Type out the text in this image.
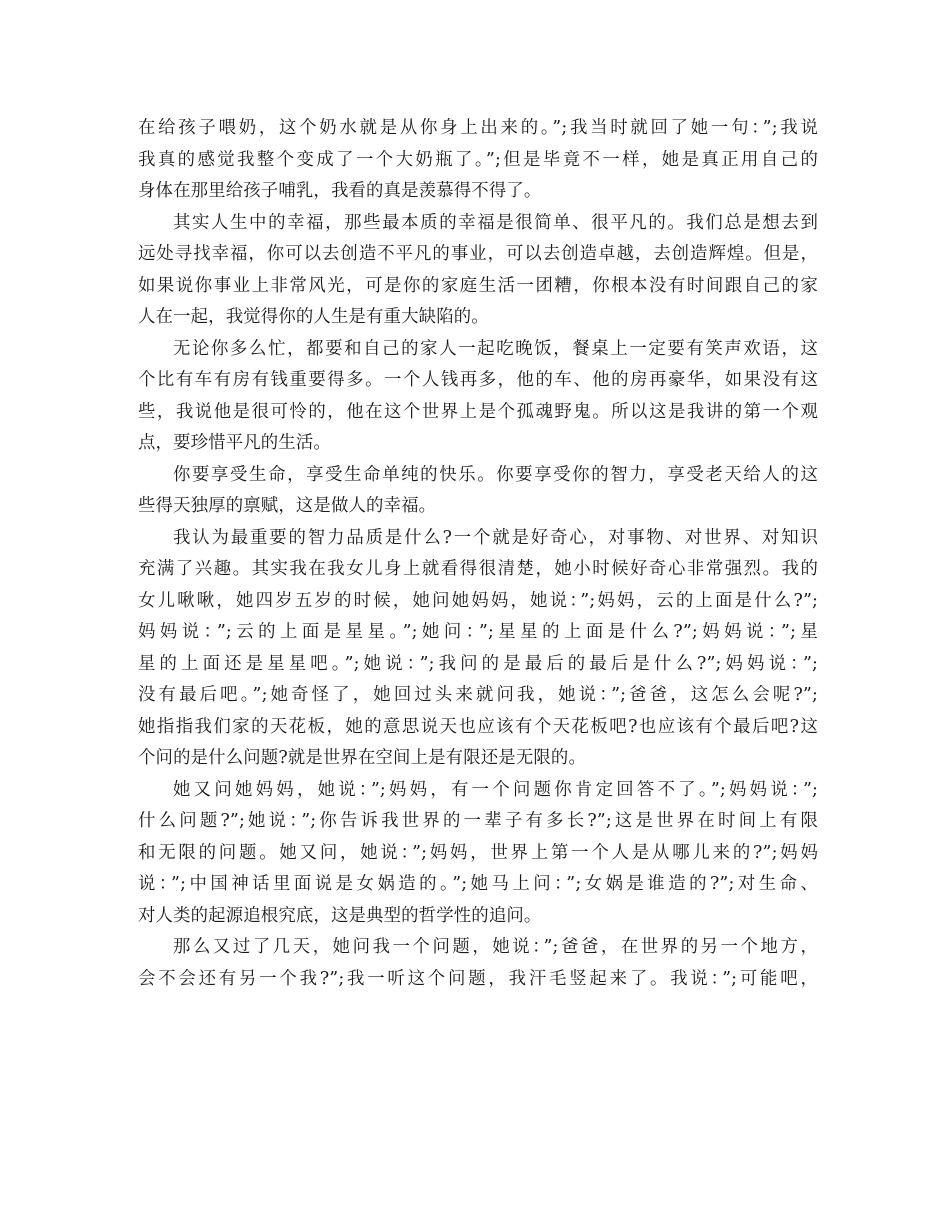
在给孩子喂奶，这个奶水就是从你身上出来的。”;我当时就回了她一句：”;我说
我真的感觉我整个变成了一个大奶瓶了。”;但是毕竟不一样，她是真正用自己的
身体在那里给孩子哺乳，我看的真是羡慕得不得了。
其实人生中的幸福，那些最本质的幸福是很简单、很平凡的。我们总是想去到
远处寻找幸福，你可以去创造不平凡的事业，可以去创造卓越，去创造辉煌。但是，
如果说你事业上非常风光，可是你的家庭生活一团糟，你根本没有时间跟自己的家
人在一起，我觉得你的人生是有重大缺陷的。
无论你多么忙，都要和自己的家人一起吃晚饭，餐桌上一定要有笑声欢语，这
个比有车有房有钱重要得多。一个人钱再多，他的车、他的房再豪华，如果没有这
些，我说他是很可怜的，他在这个世界上是个孤魂野鬼。所以这是我讲的第一个观
点，要珍惜平凡的生活。
你要享受生命，享受生命单纯的快乐。你要享受你的智力，享受老天给人的这
些得天独厚的禀赋，这是做人的幸福。
我认为最重要的智力品质是什么?一个就是好奇心，对事物、对世界、对知识
充满了兴趣。其实我在我女儿身上就看得很清楚，她小时候好奇心非常强烈。我的
女儿啾啾，她四岁五岁的时候，她问她妈妈，她说：”;妈妈，云的上面是什么?”;
妈妈说：”;云的上面是星星。”;她问：”;星星的上面是什么?”;妈妈说：”;星
星的上面还是星星吧。”;她说：”;我问的是最后的最后是什么?”;妈妈说：”;
没有最后吧。”;她奇怪了，她回过头来就问我，她说：”;爸爸，这怎么会呢?”;
她指指我们家的天花板，她的意思说天也应该有个天花板吧?也应该有个最后吧?这
个问的是什么问题?就是世界在空间上是有限还是无限的。
她又问她妈妈，她说：”;妈妈，有一个问题你肯定回答不了。”;妈妈说：”;
什么问题?”;她说：”;你告诉我世界的一辈子有多长?”;这是世界在时间上有限
和无限的问题。她又问，她说：”;妈妈，世界上第一个人是从哪儿来的?”;妈妈
说：”;中国神话里面说是女娲造的。”;她马上问：”;女娲是谁造的?”;对生命、
对人类的起源追根究底，这是典型的哲学性的追问。
那么又过了几天，她问我一个问题，她说：”;爸爸，在世界的另一个地方，
会不会还有另一个我?”;我一听这个问题，我汗毛竖起来了。我说：”;可能吧，
